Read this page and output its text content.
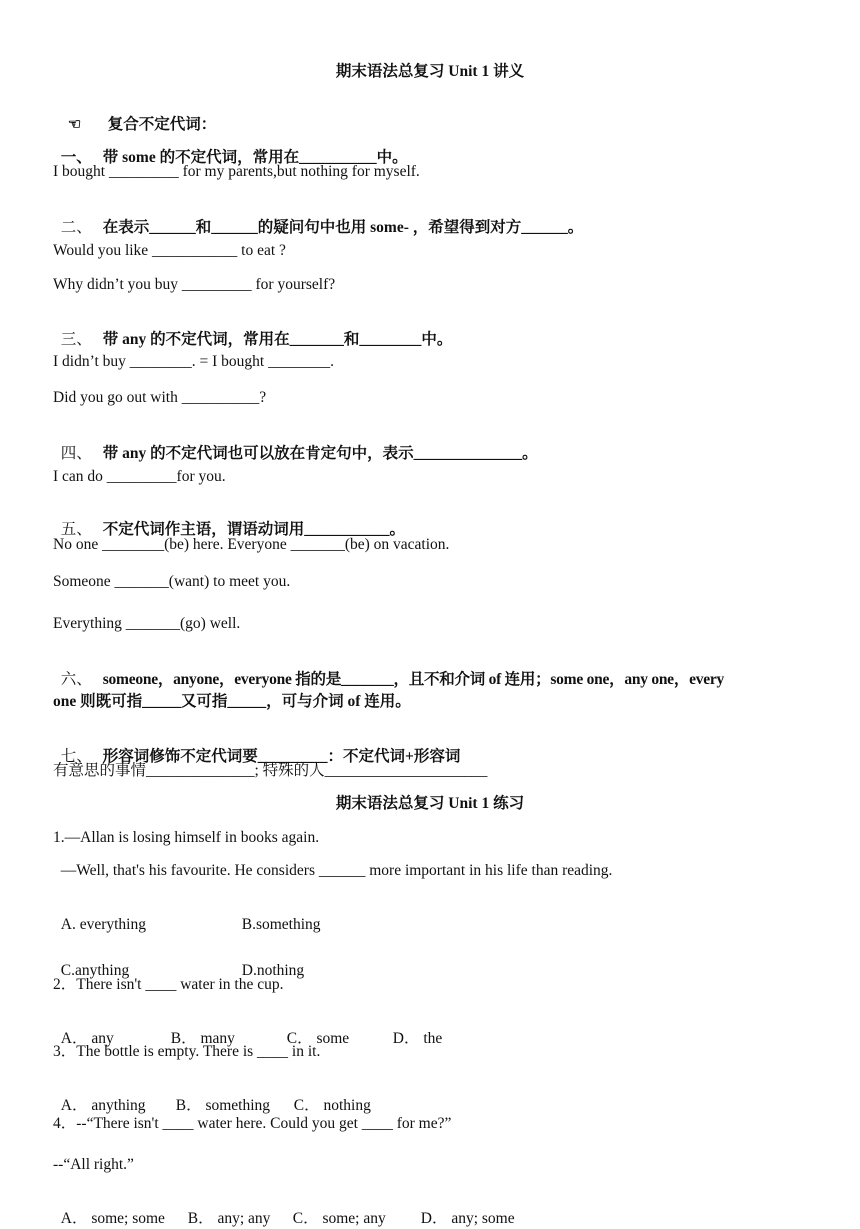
期末语法总复习 Unit 1 讲义

☜ 复合不定代词：

一、 带 some 的不定代词，常用在__________中。

I bought _________ for my parents,but nothing for myself.

二、 在表示______和______的疑问句中也用 some- ，希望得到对方______。

Would you like ___________ to eat ?
Why didn’t you buy _________ for yourself?

三、 带 any 的不定代词，常用在_______和________中。

I didn’t buy ________. = I bought ________.
Did you go out with __________?

四、 带 any 的不定代词也可以放在肯定句中，表示______________。

I can do _________for you.

五、 不定代词作主语，谓语动词用___________。

No one ________(be) here. Everyone _______(be) on vacation.
Someone _______(want) to meet you.
Everything _______(go) well.

六、 someone，anyone，everyone 指的是_______，且不和介词 of 连用；some one，any one，every

one 则既可指_____又可指_____，可与介词 of 连用。

七、 形容词修饰不定代词要_________：不定代词+形容词

有意思的事情______________; 特殊的人_____________________
期末语法总复习 Unit 1 练习
1.—Allan is losing himself in books again.
—Well, that's his favourite. He considers ______ more important in his life than reading.

A. everything	B.something

C.anything	D.nothing

2．There isn't ____ water in the cup.

A． any	B． many	C． some	D． the

3．The bottle is empty. There is ____ in it.

A． anything B． something C． nothing

4．--“There isn't ____ water here. Could you get ____ for me?”
--“All right.”

A． some; some B． any; any C． some; any D． any; some
